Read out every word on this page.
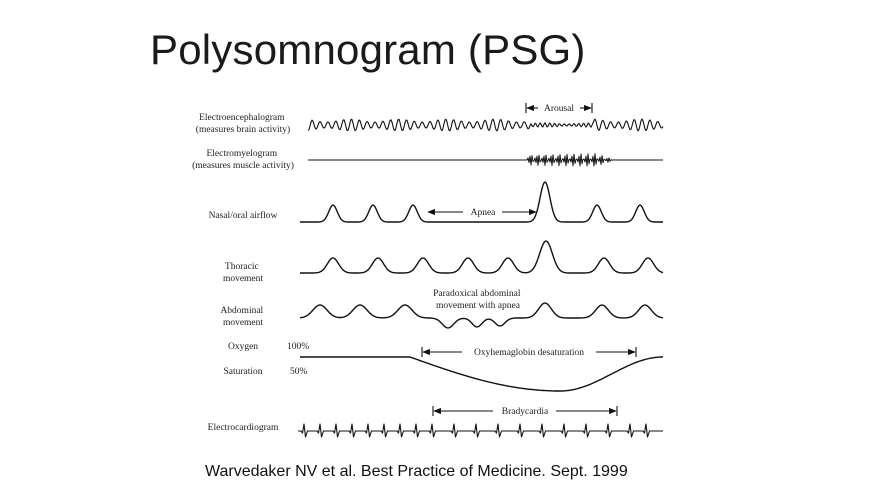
Polysomnogram (PSG)
Electroencephalogram (measures brain activity)
Electromyelogram (measures muscle activity)
Nasal/oral airflow
Thoracic movement
Abdominal movement
Oxygen
Saturation
Electrocardiogram
100%
50%
Arousal
Apnea
Paradoxical abdominal movement with apnea
Oxyhemaglobin desaturation
Bradycardia
Warvedaker NV et al. Best Practice of Medicine. Sept. 1999
